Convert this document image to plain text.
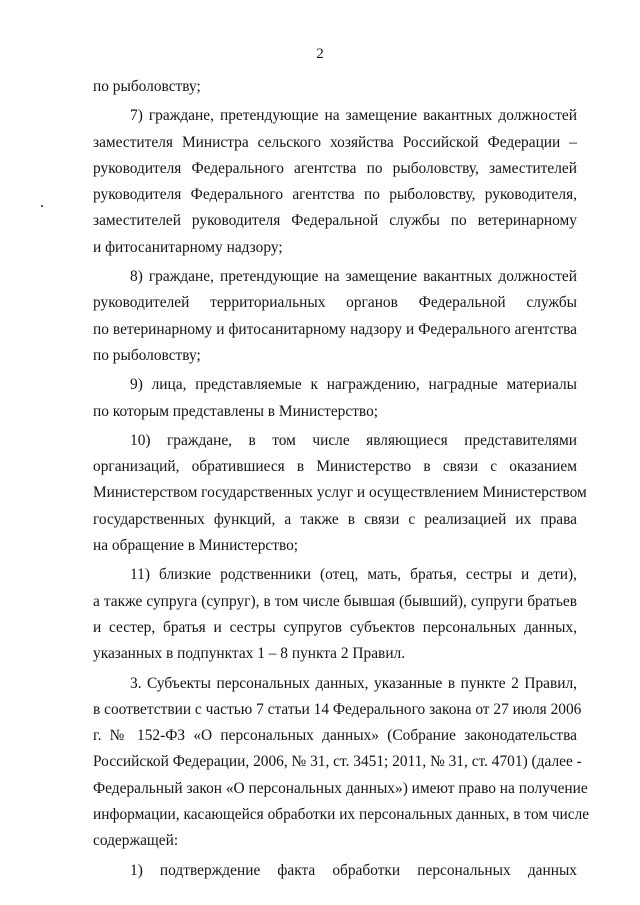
2
по рыболовству;
7) граждане, претендующие на замещение вакантных должностей
заместителя Министра сельского хозяйства Российской Федерации –
руководителя Федерального агентства по рыболовству, заместителей
руководителя Федерального агентства по рыболовству, руководителя,
заместителей руководителя Федеральной службы по ветеринарному
и фитосанитарному надзору;
8) граждане, претендующие на замещение вакантных должностей
руководителей территориальных органов Федеральной службы
по ветеринарному и фитосанитарному надзору и Федерального агентства
по рыболовству;
9) лица, представляемые к награждению, наградные материалы
по которым представлены в Министерство;
10) граждане, в том числе являющиеся представителями
организаций, обратившиеся в Министерство в связи с оказанием
Министерством государственных услуг и осуществлением Министерством
государственных функций, а также в связи с реализацией их права
на обращение в Министерство;
11) близкие родственники (отец, мать, братья, сестры и дети),
а также супруга (супруг), в том числе бывшая (бывший), супруги братьев
и сестер, братья и сестры супругов субъектов персональных данных,
указанных в подпунктах 1 – 8 пункта 2 Правил.
3. Субъекты персональных данных, указанные в пункте 2 Правил,
в соответствии с частью 7 статьи 14 Федерального закона от 27 июля 2006
г. № 152-ФЗ «О персональных данных» (Собрание законодательства
Российской Федерации, 2006, № 31, ст. 3451; 2011, № 31, ст. 4701) (далее -
Федеральный закон «О персональных данных») имеют право на получение
информации, касающейся обработки их персональных данных, в том числе
содержащей:
1) подтверждение факта обработки персональных данных
